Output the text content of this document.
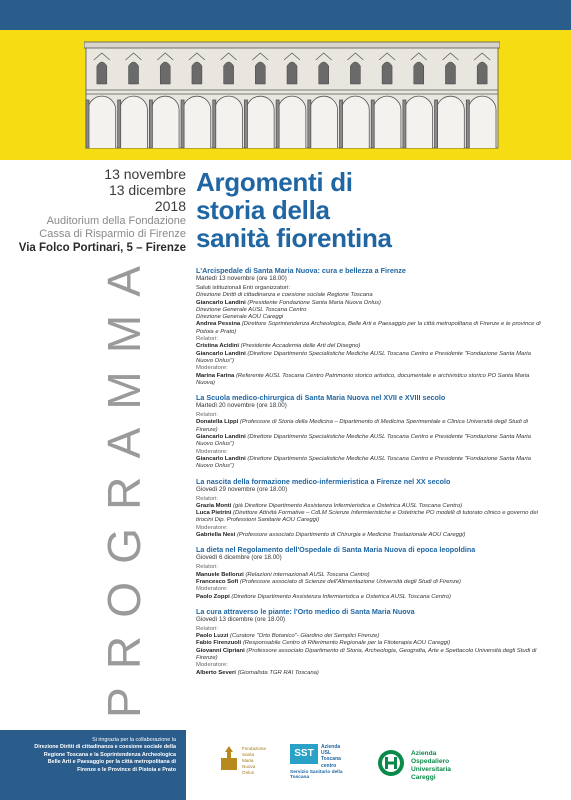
13 novembre
13 dicembre
2018
Auditorium della Fondazione
Cassa di Risparmio di Firenze
Via Folco Portinari, 5 – Firenze
Argomenti di
storia della
sanità fiorentina
PROGRAMMA	L'Arcispedale di Santa Maria Nuova: cura e bellezza a Firenze
Martedì 13 novembre (ore 18.00)
Saluti istituzionali Enti organizzatori:
Direzione Diritti di cittadinanza e coesione sociale Regione Toscana
Giancarlo Landini (Presidente Fondazione Santa Maria Nuova Onlus)
Direzione Generale AUSL Toscana Centro
Direzione Generale AOU Careggi
Andrea Pessina (Direttore Soprintendenza Archeologica, Belle Arti e Paesaggio per la città metropolitana di Firenze e le province di Pistoia e Prato)
Relatori:
Cristina Acidini (Presidente Accademia delle Arti del Disegno)
Giancarlo Landini (Direttore Dipartimento Specialistiche Mediche AUSL Toscana Centro e Presidente "Fondazione Santa Maria Nuovo Onlus")
Moderatore:
Marina Farina (Referente AUSL Toscana Centro Patrimonio storico artistico, documentale e archivistico storico PO Santa Maria Nuova)
La Scuola medico-chirurgica di Santa Maria Nuova nel XVII e XVIII secolo
Martedì 20 novembre (ore 18.00)
Relatori:
Donatella Lippi (Professore di Storia della Medicina – Dipartimento di Medicina Sperimentale e Clinica Università degli Studi di Firenze)
Giancarlo Landini (Direttore Dipartimento Specialistiche Mediche AUSL Toscana Centro e Presidente "Fondazione Santa Maria Nuovo Onlus")
Moderatore:
Giancarlo Landini (Direttore Dipartimento Specialistiche Mediche AUSL Toscana Centro e Presidente "Fondazione Santa Maria Nuovo Onlus")
La nascita della formazione medico-infermieristica a Firenze nel XX secolo
Giovedì 29 novembre (ore 18.00)
Relatori:
Grazia Monti (già Direttore Dipartimento Assistenza Infermieristica e Ostetrica AUSL Toscana Centro)
Luca Pietrini (Direttore Attività Formative – CdLM Scienze Infermieristiche e Ostetriche PO modelli di tutorato clinico e governo dei tirocini Dip. Professioni Sanitarie AOU Careggi)
Moderatore:
Gabriella Nesi (Professore associato Dipartimento di Chirurgia e Medicina Traslazionale AOU Careggi)
La dieta nel Regolamento dell'Ospedale di Santa Maria Nuova di epoca leopoldina
Giovedì 6 dicembre (ore 18.00)
Relatori:
Manuele Bellonzi (Relazioni internazionali AUSL Toscana Centro)
Francesco Sofi (Professore associato di Scienze dell'Alimentazione Università degli Studi di Firenze)
Moderatore:
Paolo Zoppi (Direttore Dipartimento Assistenza Infermieristica e Ostetrica AUSL Toscana Centro)
La cura attraverso le piante: l'Orto medico di Santa Maria Nuova
Giovedì 13 dicembre (ore 18.00)
Relatori:
Paolo Luzzi (Curatore "Orto Botanico"- Giardino dei Semplici Firenze)
Fabio Firenzuoli (Responsabile Centro di Riferimento Regionale per la Fitoterapia AOU Careggi)
Giovanni Cipriani (Professore associato Dipartimento di Storia, Archeologia, Geografia, Arte e Spettacolo Università degli Studi di Firenze)
Moderatore:
Alberto Severi (Giornalista TGR RAI Toscana)
Si ringrazia per la collaborazione la
Direzione Diritti di cittadinanza e coesione sociale della
Regione Toscana e la Soprintendenza Archeologica
Belle Arti e Paesaggio per la città metropolitana di
Firenze e le Province di Pistoia e Prato
Fondazione
Santa
Maria
Nuova
Onlus
SST
Azienda
USL
Toscana
centro
Servizio Sanitario della Toscana
Azienda
Ospedaliero
Universitaria
Careggi
